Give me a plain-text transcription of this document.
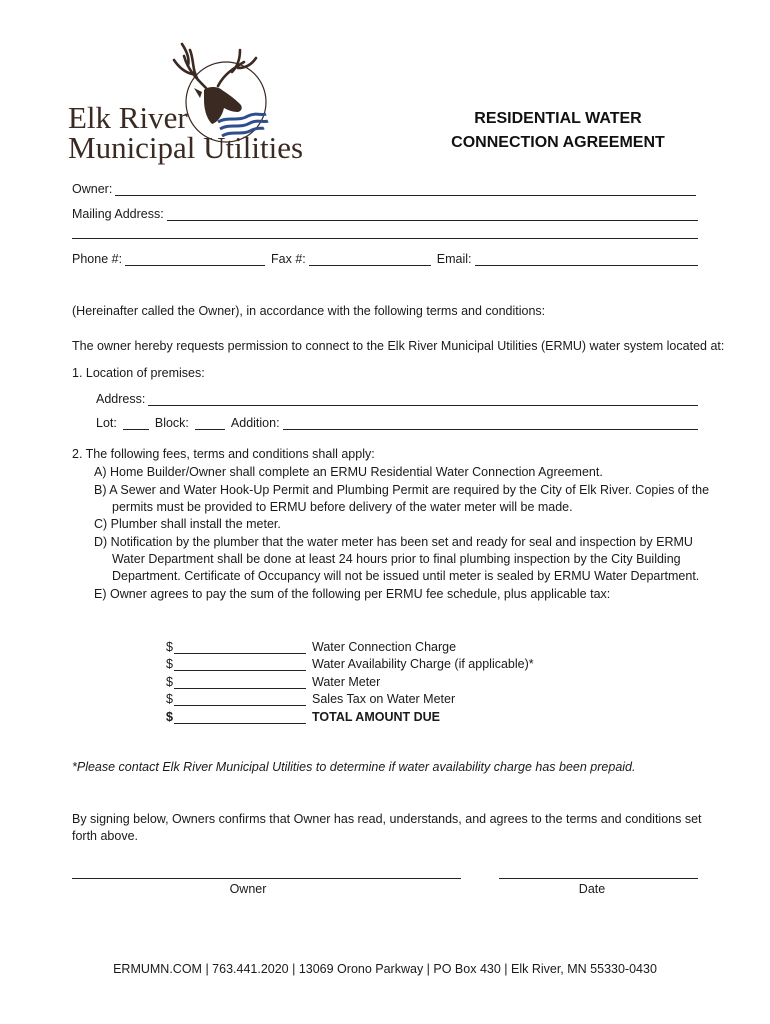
Elk River
Municipal Utilities
RESIDENTIAL WATER
CONNECTION AGREEMENT
Owner:
Mailing Address:
Phone #:	Fax #:	Email:
(Hereinafter called the Owner), in accordance with the following terms and conditions:
The owner hereby requests permission to connect to the Elk River Municipal Utilities (ERMU) water system located at:
1. Location of premises:
Address:
Lot:	Block:	Addition:
2. The following fees, terms and conditions shall apply:
A) Home Builder/Owner shall complete an ERMU Residential Water Connection Agreement.
B) A Sewer and Water Hook-Up Permit and Plumbing Permit are required by the City of Elk River. Copies of the
permits must be provided to ERMU before delivery of the water meter will be made.
C) Plumber shall install the meter.
D) Notification by the plumber that the water meter has been set and ready for seal and inspection by ERMU
Water Department shall be done at least 24 hours prior to final plumbing inspection by the City Building
Department. Certificate of Occupancy will not be issued until meter is sealed by ERMU Water Department.
E) Owner agrees to pay the sum of the following per ERMU fee schedule, plus applicable tax:
$	Water Connection Charge
$	Water Availability Charge (if applicable)*
$	Water Meter
$	Sales Tax on Water Meter
$	TOTAL AMOUNT DUE
*Please contact Elk River Municipal Utilities to determine if water availability charge has been prepaid.
By signing below, Owners confirms that Owner has read, understands, and agrees to the terms and conditions set
forth above.
Owner	Date
ERMUMN.COM | 763.441.2020 | 13069 Orono Parkway | PO Box 430 | Elk River, MN 55330-0430
